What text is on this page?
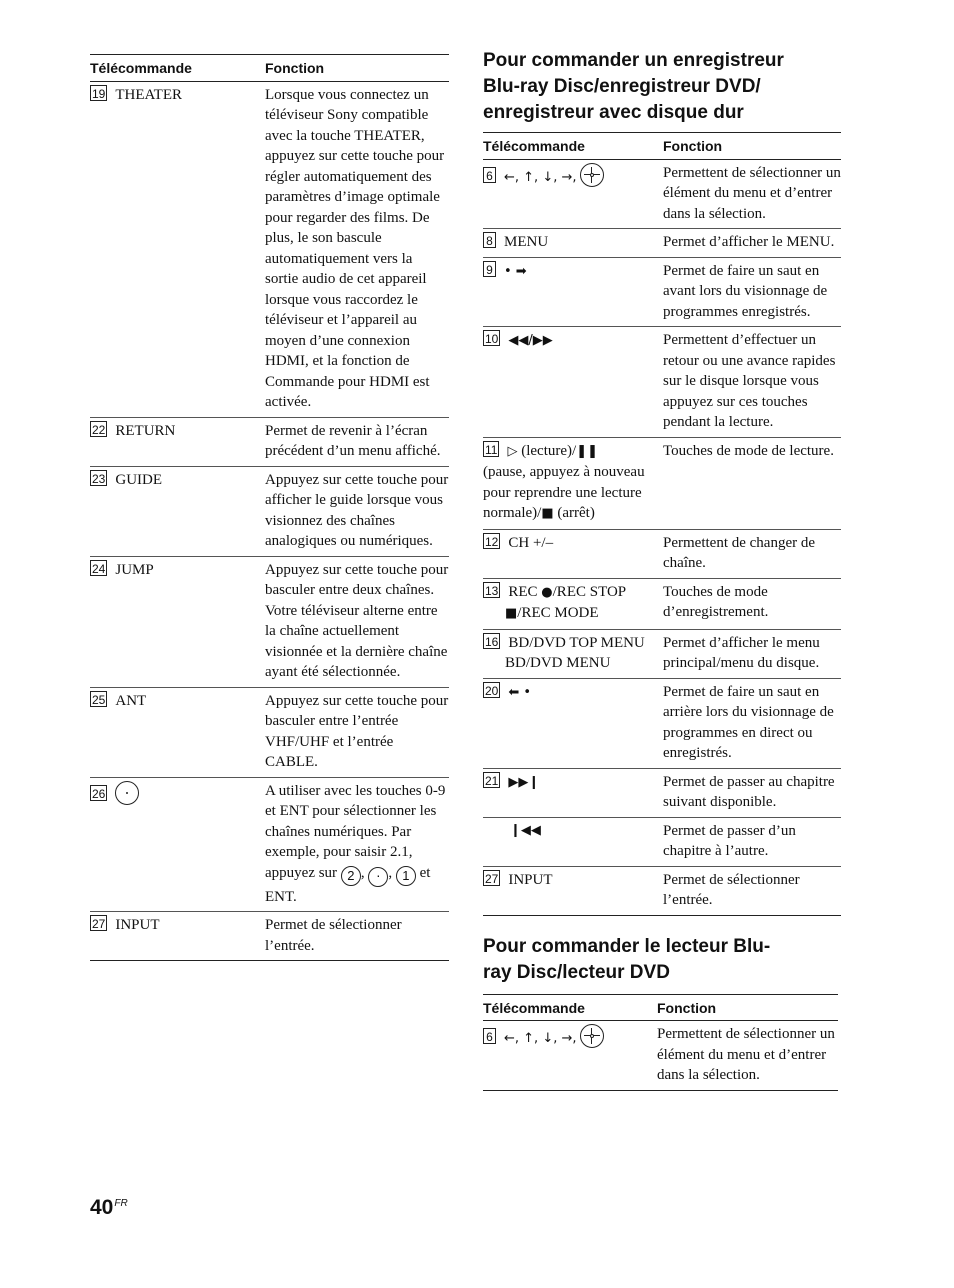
Télécommande	Fonction
19 THEATER	Lorsque vous connectez un téléviseur Sony compatible avec la touche THEATER, appuyez sur cette touche pour régler automatiquement des paramètres d’image optimale pour regarder des films. De plus, le son bascule automatiquement vers la sortie audio de cet appareil lorsque vous raccordez le téléviseur et l’appareil au moyen d’une connexion HDMI, et la fonction de Commande pour HDMI est activée.
22 RETURN	Permet de revenir à l’écran précédent d’un menu affiché.
23 GUIDE	Appuyez sur cette touche pour afficher le guide lorsque vous visionnez des chaînes analogiques ou numériques.
24 JUMP	Appuyez sur cette touche pour basculer entre deux chaînes. Votre téléviseur alterne entre la chaîne actuellement visionnée et la dernière chaîne ayant été sélectionnée.
25 ANT	Appuyez sur cette touche pour basculer entre l’entrée VHF/UHF et l’entrée CABLE.
26	A utiliser avec les touches 0-9 et ENT pour sélectionner les chaînes numériques. Par exemple, pour saisir 2.1, appuyez sur 2 , · , 1 et ENT.
27 INPUT	Permet de sélectionner l’entrée.
Pour commander un enregistreur
Blu-ray Disc/enregistreur DVD/
enregistreur avec disque dur
Télécommande	Fonction
6 ←, ↑, ↓, →,	Permettent de sélectionner un élément du menu et d’entrer dans la sélection.
8 MENU	Permet d’afficher le MENU.
9 • ➡	Permet de faire un saut en avant lors du visionnage de programmes enregistrés.
10 ◀◀/▶▶	Permettent d’effectuer un retour ou une avance rapides sur le disque lorsque vous appuyez sur ces touches pendant la lecture.
11 ▷ (lecture)/❚❚
(pause, appuyez à nouveau pour reprendre une lecture normale)/■ (arrêt)	Touches de mode de lecture.
12 CH +/–	Permettent de changer de chaîne.
13 REC ●/REC STOP

■/REC MODE	Touches de mode d’enregistrement.
16 BD/DVD TOP MENU
BD/DVD MENU	Permet d’afficher le menu principal/menu du disque.
20 ⬅ •	Permet de faire un saut en arrière lors du visionnage de programmes en direct ou enregistrés.
21 ▶▶❙	Permet de passer au chapitre suivant disponible.

❙◀◀	Permet de passer d’un chapitre à l’autre.
27 INPUT	Permet de sélectionner l’entrée.
Pour commander le lecteur Blu-
ray Disc/lecteur DVD
Télécommande	Fonction
6 ←, ↑, ↓, →,	Permettent de sélectionner un élément du menu et d’entrer dans la sélection.
$40^{FR}$
